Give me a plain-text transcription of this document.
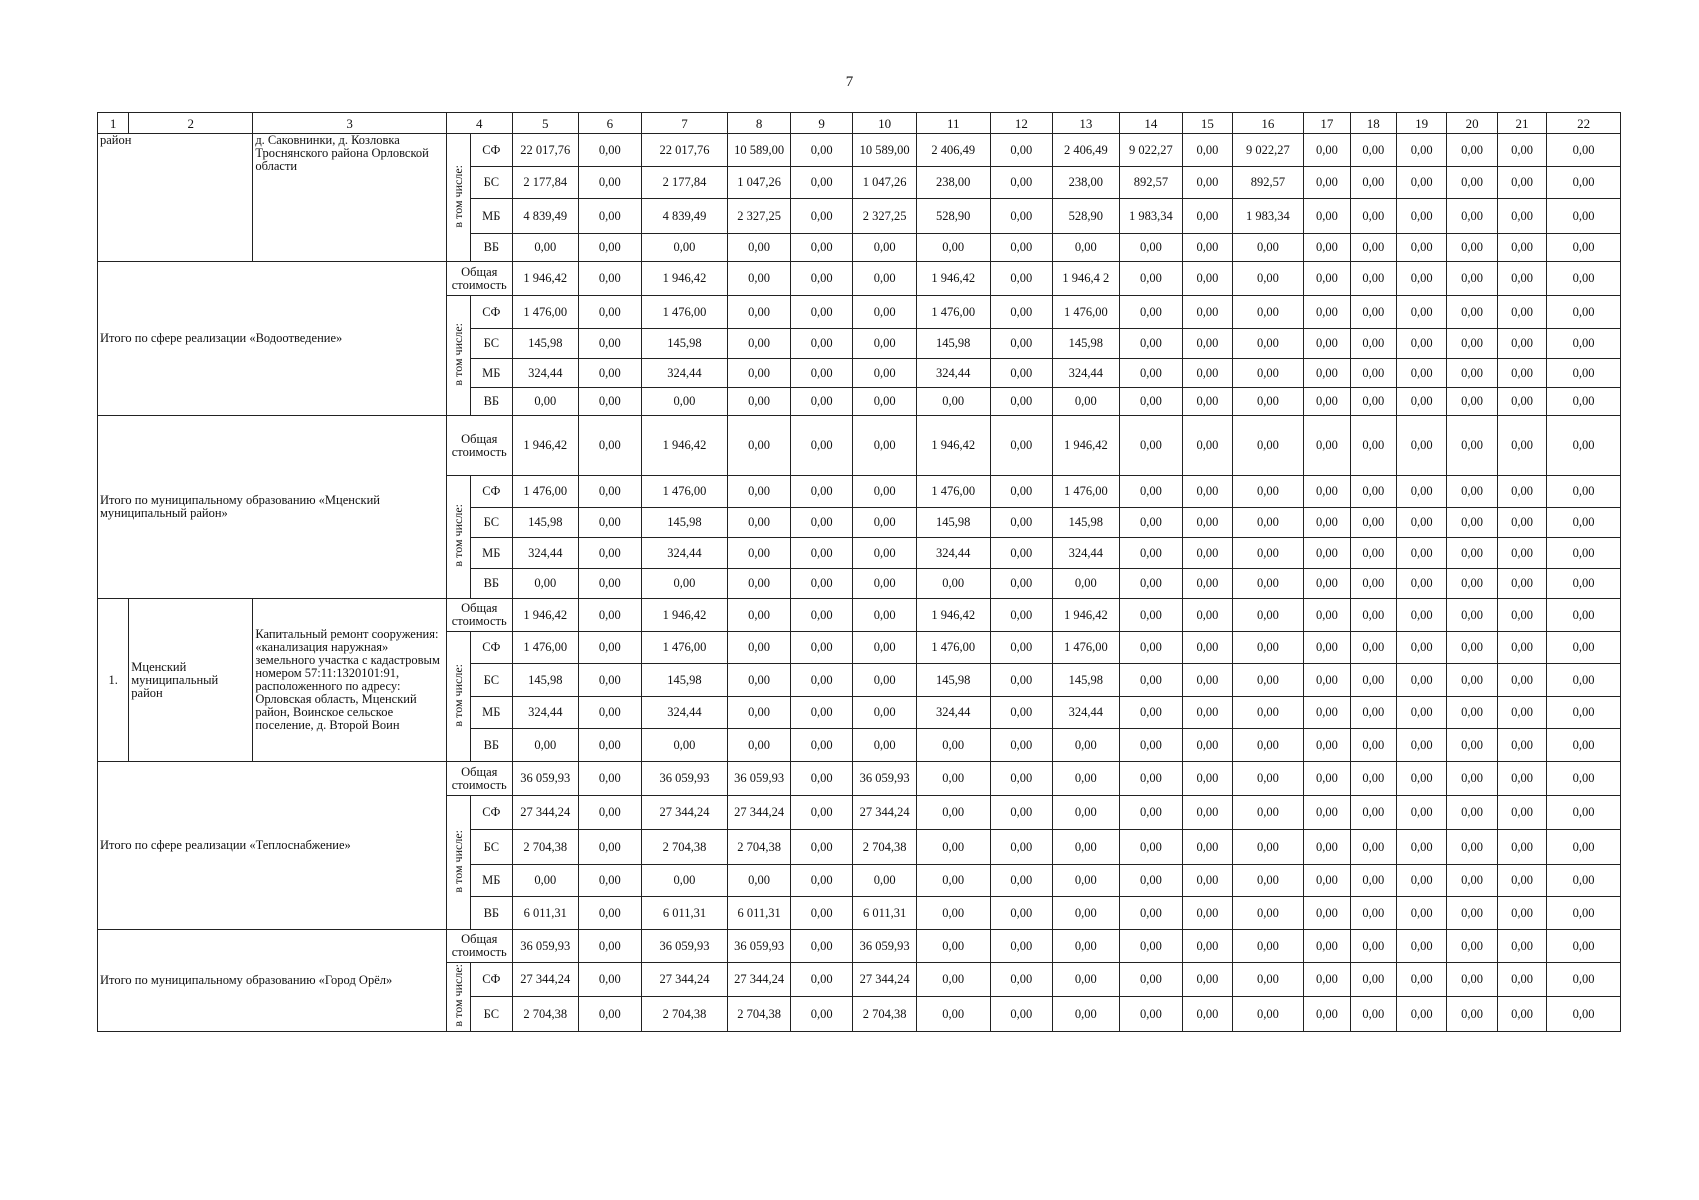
7
1	2	3	4		5	6	7	8	9	10	11	12	13	14	15	16	17	18	19	20	21	22
район		д. Саковнинки, д. Козловка Троснянского района Орловской области	в том числе:	СФ	22 017,76	0,00	22 017,76	10 589,00	0,00	10 589,00	2 406,49	0,00	2 406,49	9 022,27	0,00	9 022,27	0,00	0,00	0,00	0,00	0,00	0,00
				БС	2 177,84	0,00	2 177,84	1 047,26	0,00	1 047,26	238,00	0,00	238,00	892,57	0,00	892,57	0,00	0,00	0,00	0,00	0,00	0,00
				МБ	4 839,49	0,00	4 839,49	2 327,25	0,00	2 327,25	528,90	0,00	528,90	1 983,34	0,00	1 983,34	0,00	0,00	0,00	0,00	0,00	0,00
				ВБ	0,00	0,00	0,00	0,00	0,00	0,00	0,00	0,00	0,00	0,00	0,00	0,00	0,00	0,00	0,00	0,00	0,00	0,00
Итого по сфере реализации «Водоотведение»			Общая стоимость		1 946,42	0,00	1 946,42	0,00	0,00	0,00	1 946,42	0,00	1 946,4 2	0,00	0,00	0,00	0,00	0,00	0,00	0,00	0,00	0,00
			в том числе:	СФ	1 476,00	0,00	1 476,00	0,00	0,00	0,00	1 476,00	0,00	1 476,00	0,00	0,00	0,00	0,00	0,00	0,00	0,00	0,00	0,00
				БС	145,98	0,00	145,98	0,00	0,00	0,00	145,98	0,00	145,98	0,00	0,00	0,00	0,00	0,00	0,00	0,00	0,00	0,00
				МБ	324,44	0,00	324,44	0,00	0,00	0,00	324,44	0,00	324,44	0,00	0,00	0,00	0,00	0,00	0,00	0,00	0,00	0,00
				ВБ	0,00	0,00	0,00	0,00	0,00	0,00	0,00	0,00	0,00	0,00	0,00	0,00	0,00	0,00	0,00	0,00	0,00	0,00
Итого по муниципальному образованию «Мценский муниципальный район»			Общая стоимость		1 946,42	0,00	1 946,42	0,00	0,00	0,00	1 946,42	0,00	1 946,42	0,00	0,00	0,00	0,00	0,00	0,00	0,00	0,00	0,00
			в том числе:	СФ	1 476,00	0,00	1 476,00	0,00	0,00	0,00	1 476,00	0,00	1 476,00	0,00	0,00	0,00	0,00	0,00	0,00	0,00	0,00	0,00
				БС	145,98	0,00	145,98	0,00	0,00	0,00	145,98	0,00	145,98	0,00	0,00	0,00	0,00	0,00	0,00	0,00	0,00	0,00
				МБ	324,44	0,00	324,44	0,00	0,00	0,00	324,44	0,00	324,44	0,00	0,00	0,00	0,00	0,00	0,00	0,00	0,00	0,00
				ВБ	0,00	0,00	0,00	0,00	0,00	0,00	0,00	0,00	0,00	0,00	0,00	0,00	0,00	0,00	0,00	0,00	0,00	0,00
1.	Мценский муниципальный район	Капитальный ремонт сооружения: «канализация наружная» земельного участка с кадастровым номером 57:11:1320101:91, расположенного по адресу: Орловская область, Мценский район, Воинское сельское поселение, д. Второй Воин	Общая стоимость		1 946,42	0,00	1 946,42	0,00	0,00	0,00	1 946,42	0,00	1 946,42	0,00	0,00	0,00	0,00	0,00	0,00	0,00	0,00	0,00
			в том числе:	СФ	1 476,00	0,00	1 476,00	0,00	0,00	0,00	1 476,00	0,00	1 476,00	0,00	0,00	0,00	0,00	0,00	0,00	0,00	0,00	0,00
				БС	145,98	0,00	145,98	0,00	0,00	0,00	145,98	0,00	145,98	0,00	0,00	0,00	0,00	0,00	0,00	0,00	0,00	0,00
				МБ	324,44	0,00	324,44	0,00	0,00	0,00	324,44	0,00	324,44	0,00	0,00	0,00	0,00	0,00	0,00	0,00	0,00	0,00
				ВБ	0,00	0,00	0,00	0,00	0,00	0,00	0,00	0,00	0,00	0,00	0,00	0,00	0,00	0,00	0,00	0,00	0,00	0,00
Итого по сфере реализации «Теплоснабжение»			Общая стоимость		36 059,93	0,00	36 059,93	36 059,93	0,00	36 059,93	0,00	0,00	0,00	0,00	0,00	0,00	0,00	0,00	0,00	0,00	0,00	0,00
			в том числе:	СФ	27 344,24	0,00	27 344,24	27 344,24	0,00	27 344,24	0,00	0,00	0,00	0,00	0,00	0,00	0,00	0,00	0,00	0,00	0,00	0,00
				БС	2 704,38	0,00	2 704,38	2 704,38	0,00	2 704,38	0,00	0,00	0,00	0,00	0,00	0,00	0,00	0,00	0,00	0,00	0,00	0,00
				МБ	0,00	0,00	0,00	0,00	0,00	0,00	0,00	0,00	0,00	0,00	0,00	0,00	0,00	0,00	0,00	0,00	0,00	0,00
				ВБ	6 011,31	0,00	6 011,31	6 011,31	0,00	6 011,31	0,00	0,00	0,00	0,00	0,00	0,00	0,00	0,00	0,00	0,00	0,00	0,00
Итого по муниципальному образованию «Город Орёл»			Общая стоимость		36 059,93	0,00	36 059,93	36 059,93	0,00	36 059,93	0,00	0,00	0,00	0,00	0,00	0,00	0,00	0,00	0,00	0,00	0,00	0,00
			в том числе:	СФ	27 344,24	0,00	27 344,24	27 344,24	0,00	27 344,24	0,00	0,00	0,00	0,00	0,00	0,00	0,00	0,00	0,00	0,00	0,00	0,00
				БС	2 704,38	0,00	2 704,38	2 704,38	0,00	2 704,38	0,00	0,00	0,00	0,00	0,00	0,00	0,00	0,00	0,00	0,00	0,00	0,00
